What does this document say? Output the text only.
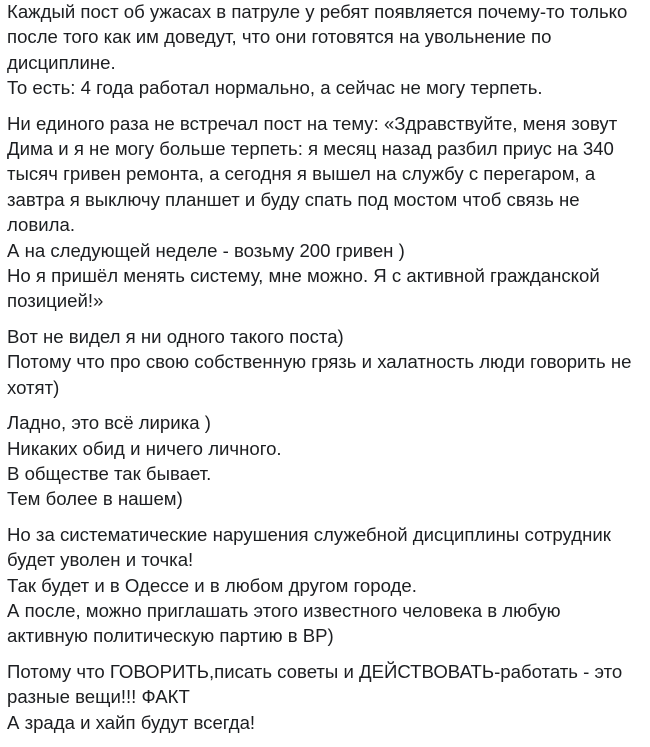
Каждый пост об ужасах в патруле у ребят появляется почему-то только после того как им доведут, что они готовятся на увольнение по дисциплине.
То есть: 4 года работал нормально, а сейчас не могу терпеть.
Ни единого раза не встречал пост на тему: «Здравствуйте, меня зовут Дима и я не могу больше терпеть: я месяц назад разбил приус на 340 тысяч гривен ремонта, а сегодня я вышел на службу с перегаром, а завтра я выключу планшет и буду спать под мостом чтоб связь не ловила.
А на следующей неделе - возьму 200 гривен )
Но я пришёл менять систему, мне можно. Я с активной гражданской позицией!»
Вот не видел я ни одного такого поста)
Потому что про свою собственную грязь и халатность люди говорить не хотят)
Ладно, это всё лирика )
Никаких обид и ничего личного.
В обществе так бывает.
Тем более в нашем)
Но за систематические нарушения служебной дисциплины сотрудник будет уволен и точка!
Так будет и в Одессе и в любом другом городе.
А после, можно приглашать этого известного человека в любую активную политическую партию в ВР)
Потому что ГОВОРИТЬ,писать советы и ДЕЙСТВОВАТЬ-работать - это разные вещи!!! ФАКТ
А зрада и хайп будут всегда!
